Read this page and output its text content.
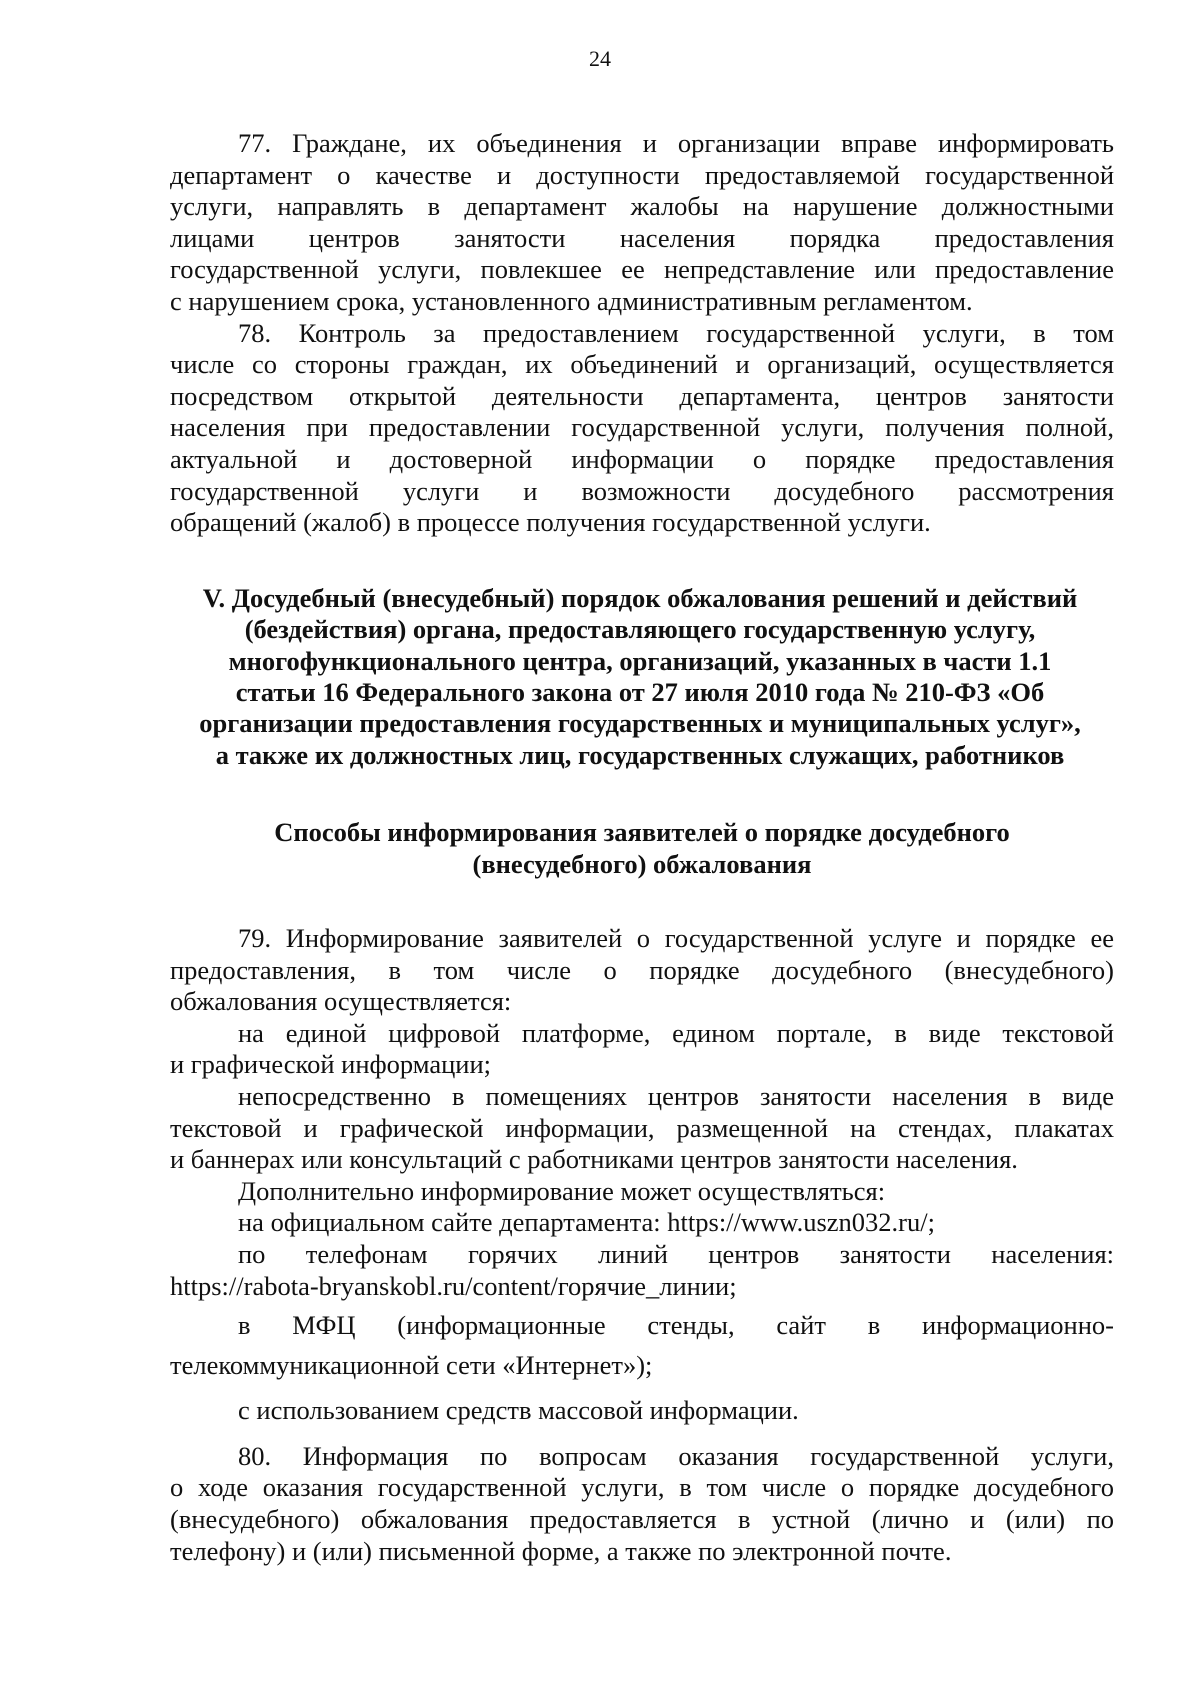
24

77. Граждане, их объединения и организации вправе информировать

департамент о качестве и доступности предоставляемой государственной

услуги, направлять в департамент жалобы на нарушение должностными

лицами центров занятости населения порядка предоставления

государственной услуги, повлекшее ее непредставление или предоставление

с нарушением срока, установленного административным регламентом.

78. Контроль за предоставлением государственной услуги, в том

числе со стороны граждан, их объединений и организаций, осуществляется

посредством открытой деятельности департамента, центров занятости

населения при предоставлении государственной услуги, получения полной,

актуальной и достоверной информации о порядке предоставления

государственной услуги и возможности досудебного рассмотрения

обращений (жалоб) в процессе получения государственной услуги.

V. Досудебный (внесудебный) порядок обжалования решений и действий
(бездействия) органа, предоставляющего государственную услугу,
многофункционального центра, организаций, указанных в части 1.1
статьи 16 Федерального закона от 27 июля 2010 года № 210-ФЗ «Об
организации предоставления государственных и муниципальных услуг»,
а также их должностных лиц, государственных служащих, работников
Способы информирования заявителей о порядке досудебного
(внесудебного) обжалования

79. Информирование заявителей о государственной услуге и порядке ее

предоставления, в том числе о порядке досудебного (внесудебного)

обжалования осуществляется:

на единой цифровой платформе, едином портале, в виде текстовой

и графической информации;

непосредственно в помещениях центров занятости населения в виде

текстовой и графической информации, размещенной на стендах, плакатах

и баннерах или консультаций с работниками центров занятости населения.

Дополнительно информирование может осуществляться:

на официальном сайте департамента: https://www.uszn032.ru/;

по телефонам горячих линий центров занятости населения:

https://rabota-bryanskobl.ru/content/горячие_линии;

в МФЦ (информационные стенды, сайт в информационно-

телекоммуникационной сети «Интернет»);

с использованием средств массовой информации.

80. Информация по вопросам оказания государственной услуги,

о ходе оказания государственной услуги, в том числе о порядке досудебного

(внесудебного) обжалования предоставляется в устной (лично и (или) по

телефону) и (или) письменной форме, а также по электронной почте.
